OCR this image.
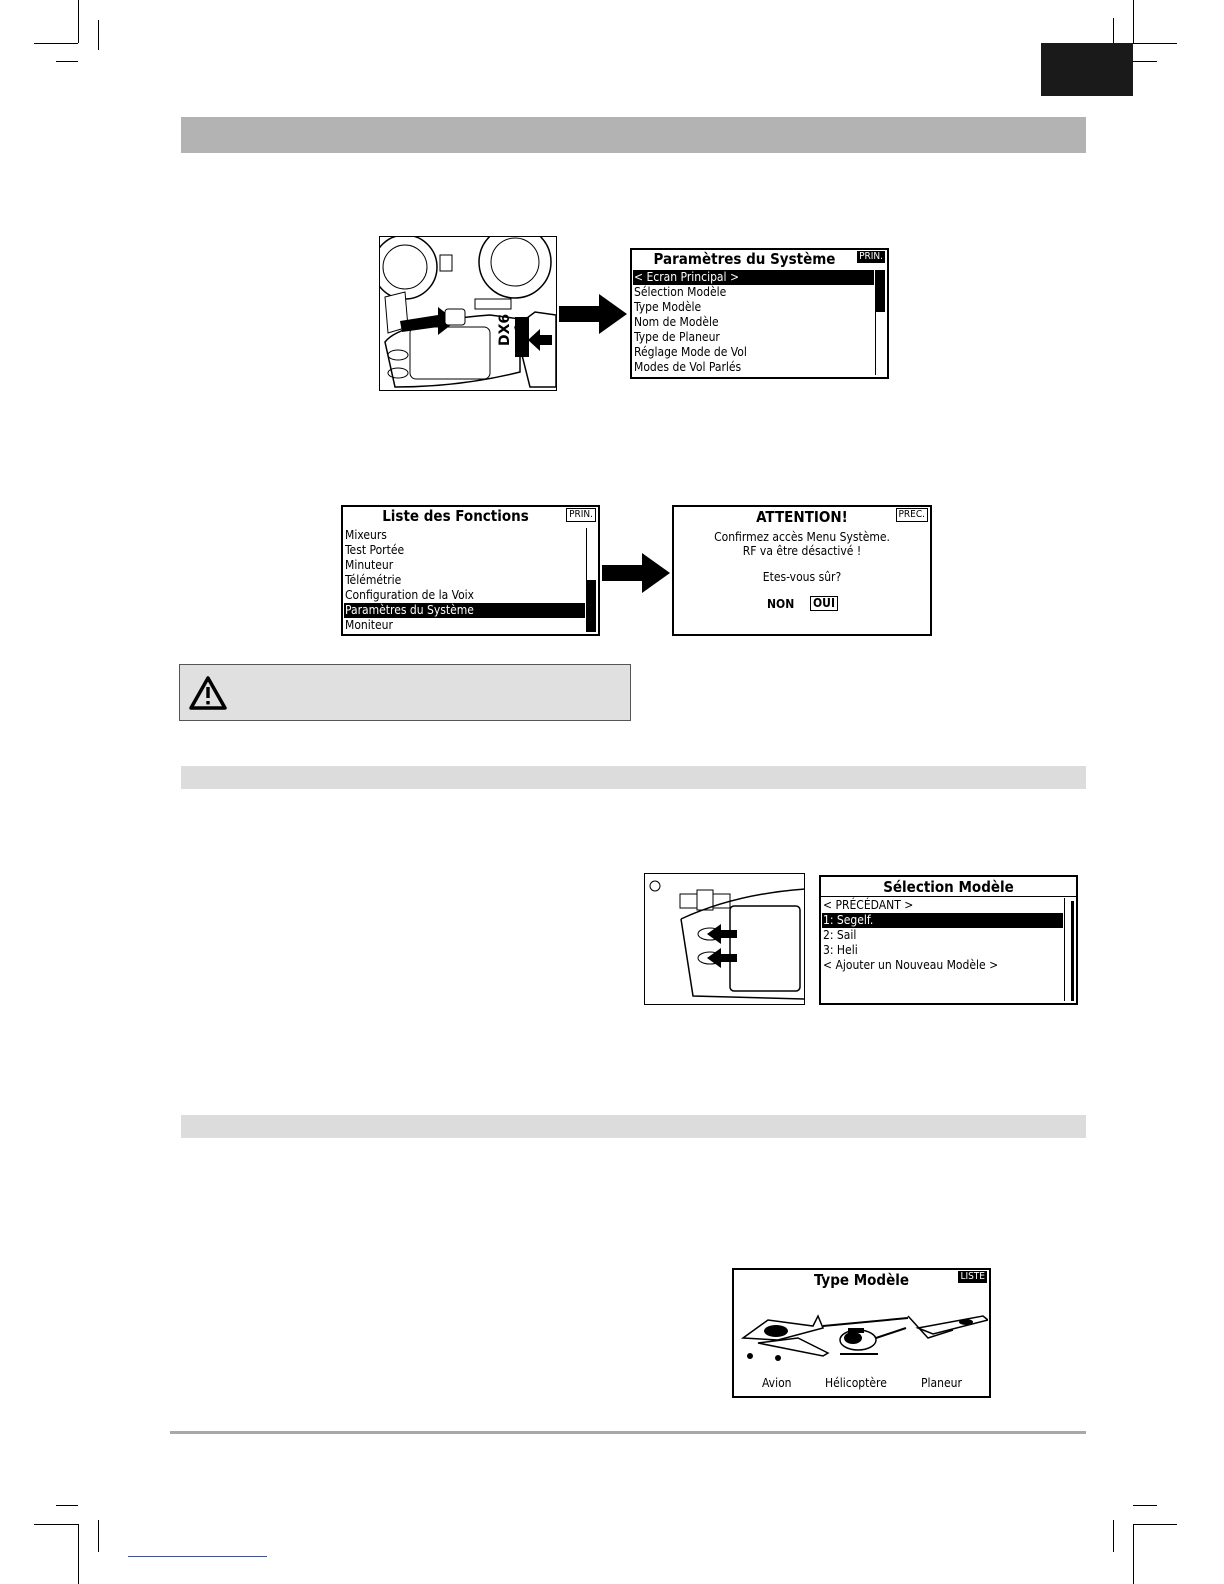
DX6
Paramètres du Système	PRIN.
< Ecran Principal >
Sélection Modèle
Type Modèle
Nom de Modèle
Type de Planeur
Réglage Mode de Vol
Modes de Vol Parlés
Liste des Fonctions	PRIN.
Mixeurs
Test Portée
Minuteur
Télémétrie
Configuration de la Voix
Paramètres du Système
Moniteur
ATTENTION!	PREC.
Confirmez accès Menu Système.
RF va être désactivé !
Etes-vous sûr?
NON OUI
Sélection Modèle
< PRÉCÉDANT >
1: Segelf.
2: Sail
3: Heli
< Ajouter un Nouveau Modèle >
Type Modèle	LISTE
Avion	Hélicoptère	Planeur
